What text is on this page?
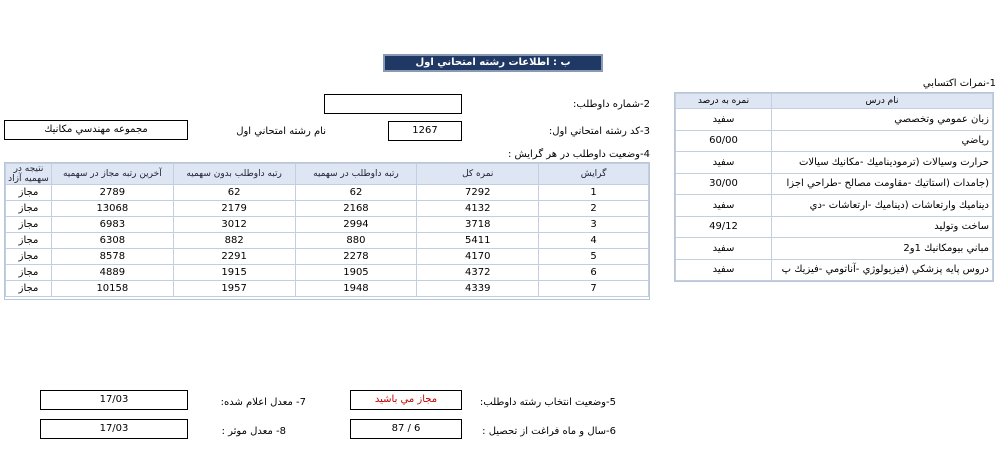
ب : اطلاعات رشته امتحاني اول
1-نمرات اكتسابي
نمره به درصد	نام درس
سفيد	زبان عمومي وتخصصي
60/00	رياضي
سفيد	حرارت وسيالات (ترموديناميك -مكانيك سيالات
30/00	(جامدات (استاتيك -مقاومت مصالح -طراحي اجزا
سفيد	ديناميك وارتعاشات (ديناميك -ارتعاشات -دي
49/12	ساخت وتوليد
سفيد	مباني بيومكانيك 1و2
سفيد	دروس پايه پزشكي (فيزيولوژي -آناتومي -فيزيك پ
2-شماره داوطلب:
3-كد رشته امتحاني اول:
1267
نام رشته امتحاني اول
مجموعه مهندسي مكانيك
4-وضعيت داوطلب در هر گرايش :
نتيجه در سهميه آزاد	آخرين رتبه مجاز در سهميه	رتبه داوطلب بدون سهميه	رتبه داوطلب در سهميه	نمره كل	گرايش
مجاز	2789	62	62	7292	1
مجاز	13068	2179	2168	4132	2
مجاز	6983	3012	2994	3718	3
مجاز	6308	882	880	5411	4
مجاز	8578	2291	2278	4170	5
مجاز	4889	1915	1905	4372	6
مجاز	10158	1957	1948	4339	7
5-وضعيت انتخاب رشته داوطلب:
مجاز مي باشيد
6-سال و ماه فراغت از تحصيل :
87 / 6
7- معدل اعلام شده:
17/03
8- معدل موثر :
17/03
